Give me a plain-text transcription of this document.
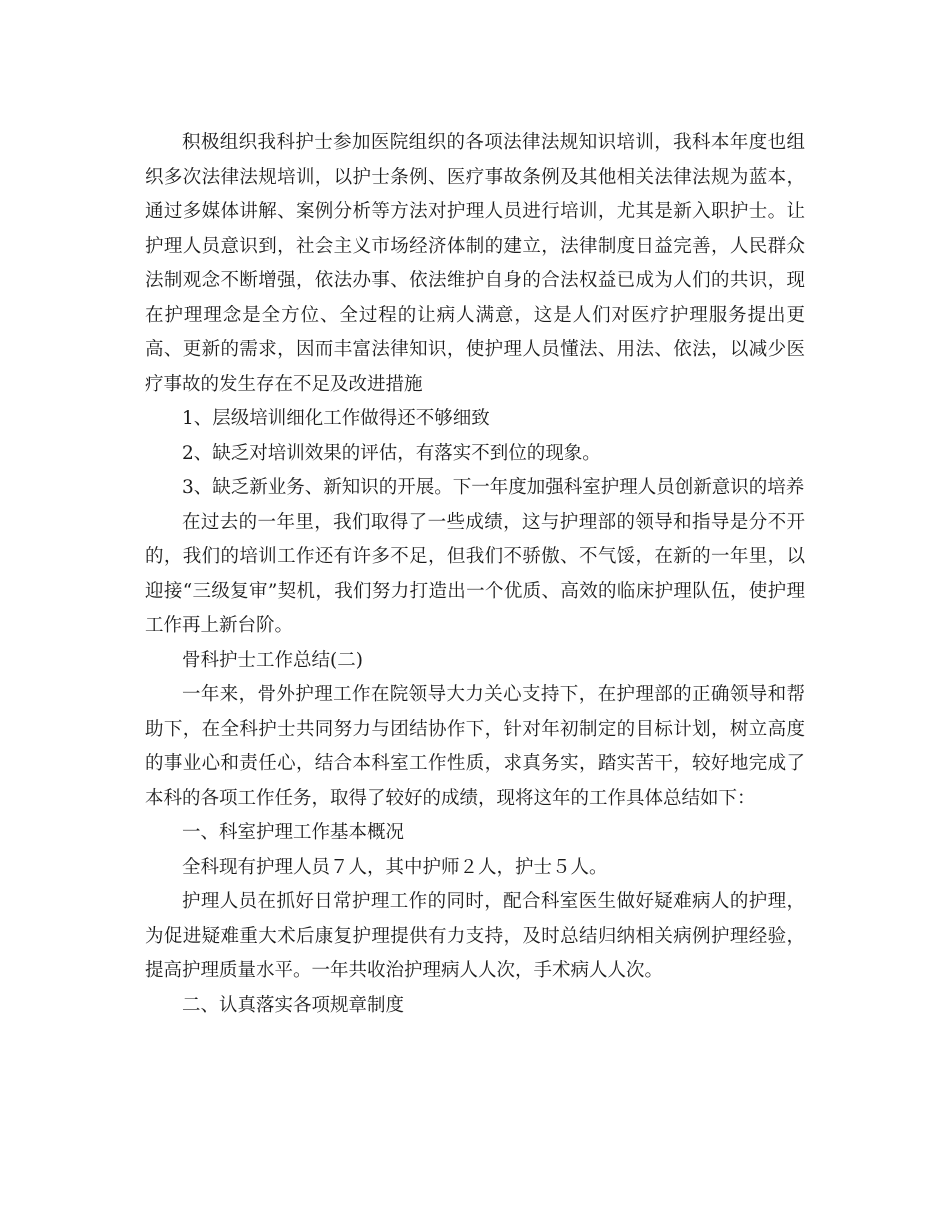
积极组织我科护士参加医院组织的各项法律法规知识培训，我科本年度也组织多次法律法规培训，以护士条例、医疗事故条例及其他相关法律法规为蓝本，通过多媒体讲解、案例分析等方法对护理人员进行培训，尤其是新入职护士。让护理人员意识到，社会主义市场经济体制的建立，法律制度日益完善，人民群众法制观念不断增强，依法办事、依法维护自身的合法权益已成为人们的共识，现在护理理念是全方位、全过程的让病人满意，这是人们对医疗护理服务提出更高、更新的需求，因而丰富法律知识，使护理人员懂法、用法、依法，以减少医疗事故的发生存在不足及改进措施

1、层级培训细化工作做得还不够细致

2、缺乏对培训效果的评估，有落实不到位的现象。

3、缺乏新业务、新知识的开展。下一年度加强科室护理人员创新意识的培养

在过去的一年里，我们取得了一些成绩，这与护理部的领导和指导是分不开的，我们的培训工作还有许多不足，但我们不骄傲、不气馁，在新的一年里，以迎接“三级复审”契机，我们努力打造出一个优质、高效的临床护理队伍，使护理工作再上新台阶。

骨科护士工作总结(二)

一年来，骨外护理工作在院领导大力关心支持下，在护理部的正确领导和帮助下，在全科护士共同努力与团结协作下，针对年初制定的目标计划，树立高度的事业心和责任心，结合本科室工作性质，求真务实，踏实苦干，较好地完成了本科的各项工作任务，取得了较好的成绩，现将这年的工作具体总结如下：

一、科室护理工作基本概况

全科现有护理人员７人，其中护师２人，护士５人。

护理人员在抓好日常护理工作的同时，配合科室医生做好疑难病人的护理，为促进疑难重大术后康复护理提供有力支持，及时总结归纳相关病例护理经验，提高护理质量水平。一年共收治护理病人人次，手术病人人次。

二、认真落实各项规章制度
